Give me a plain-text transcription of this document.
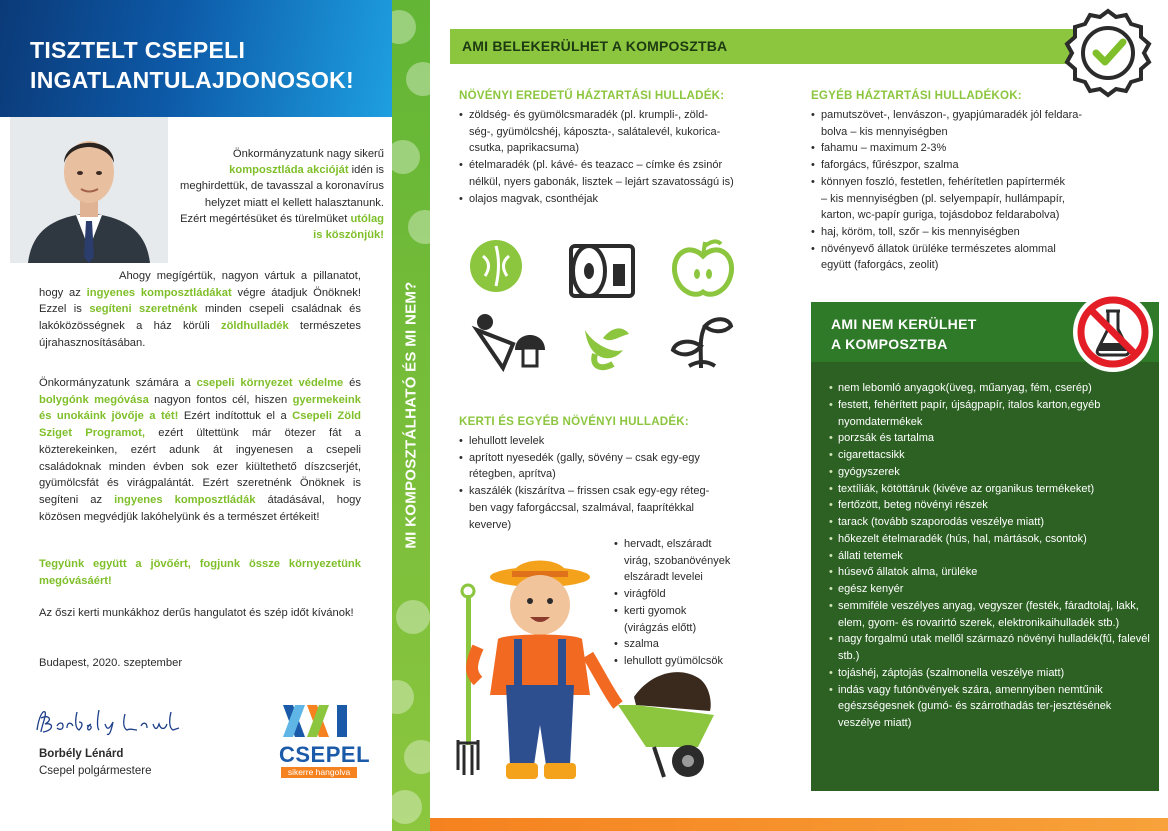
TISZTELT CSEPELI
INGATLANTULAJDONOSOK!
Önkormányzatunk nagy sikerű komposztláda akcióját idén is meghirdettük, de tavasszal a koronavírus helyzet miatt el kellett halasztanunk. Ezért megértésüket és türelmüket utólag is köszönjük!
Ahogy megígértük, nagyon vártuk a pillanatot, hogy az ingyenes komposztládákat végre átadjuk Önöknek! Ezzel is segíteni szeretnénk minden csepeli családnak és lakóközösségnek a ház körüli zöldhulladék természetes újrahasznosításában.
Önkormányzatunk számára a csepeli környezet védelme és bolygónk megóvása nagyon fontos cél, hiszen gyermekeink és unokáink jövője a tét! Ezért indítottuk el a Csepeli Zöld Sziget Programot, ezért ültettünk már ötezer fát a közterekeinken, ezért adunk át ingyenesen a csepeli családoknak minden évben sok ezer kiültethető díszcserjét, gyümölcsfát és virágpalántát. Ezért szeretnénk Önöknek is segíteni az ingyenes komposztládák átadásával, hogy közösen megvédjük lakóhelyünk és a természet értékeit!
Tegyünk együtt a jövőért, fogjunk össze környezetünk megóvásáért!
Az őszi kerti munkákhoz derűs hangulatot és szép időt kívánok!
Budapest, 2020. szeptember
Borbély Lénárd
Csepel polgármestere
CSEPEL
sikerre hangolva
MI KOMPOSZTÁLHATÓ ÉS MI NEM?
AMI BELEKERÜLHET A KOMPOSZTBA
NÖVÉNYI EREDETŰ HÁZTARTÁSI HULLADÉK:
• zöldség- és gyümölcsmaradék (pl. krumpli-, zöld-
ség-, gyümölcshéj, káposzta-, salátalevél, kukorica-
csutka, paprikacsuma)
• ételmaradék (pl. kávé- és teazacc – címke és zsinór
nélkül, nyers gabonák, lisztek – lejárt szavatosságú is)
• olajos magvak, csonthéjak
EGYÉB HÁZTARTÁSI HULLADÉKOK:
• pamutszövet-, lenvászon-, gyapjúmaradék jól feldara-
bolva – kis mennyiségben
• fahamu – maximum 2-3%
• faforgács, fűrészpor, szalma
• könnyen foszló, festetlen, fehérítetlen papírtermék
– kis mennyiségben (pl. selyempapír, hullámpapír,
karton, wc-papír guriga, tojásdoboz feldarabolva)
• haj, köröm, toll, szőr – kis mennyiségben
• növényevő állatok ürüléke természetes alommal
együtt (faforgács, zeolit)
KERTI ÉS EGYÉB NÖVÉNYI HULLADÉK:
• lehullott levelek
• aprított nyesedék (gally, sövény – csak egy-egy
rétegben, aprítva)
• kaszálék (kiszárítva – frissen csak egy-egy réteg-
ben vagy faforgáccsal, szalmával, faaprítékkal
keverve)
• hervadt, elszáradt
virág, szobanövények
elszáradt levelei
• virágföld
• kerti gyomok
(virágzás előtt)
• szalma
• lehullott gyümölcsök
AMI NEM KERÜLHET
A KOMPOSZTBA
• nem lebomló anyagok(üveg, műanyag, fém, cserép)
• festett, fehérített papír, újságpapír, italos karton,egyéb nyomdatermékek
• porzsák és tartalma
• cigarettacsikk
• gyógyszerek
• textíliák, kötöttáruk (kivéve az organikus termékeket)
• fertőzött, beteg növényi részek
• tarack (tovább szaporodás veszélye miatt)
• hőkezelt ételmaradék (hús, hal, mártások, csontok)
• állati tetemek
• húsevő állatok alma, ürüléke
• egész kenyér
• semmiféle veszélyes anyag, vegyszer (festék, fáradtolaj, lakk, elem, gyom- és rovarirtó szerek, elektronikaihulladék stb.)
• nagy forgalmú utak mellől származó növényi hulladék(fű, falevél stb.)
• tojáshéj, záptojás (szalmonella veszélye miatt)
• indás vagy futónövények szára, amennyiben nemtűnik egészségesnek (gumó- és szárrothadás ter-jesztésének veszélye miatt)
